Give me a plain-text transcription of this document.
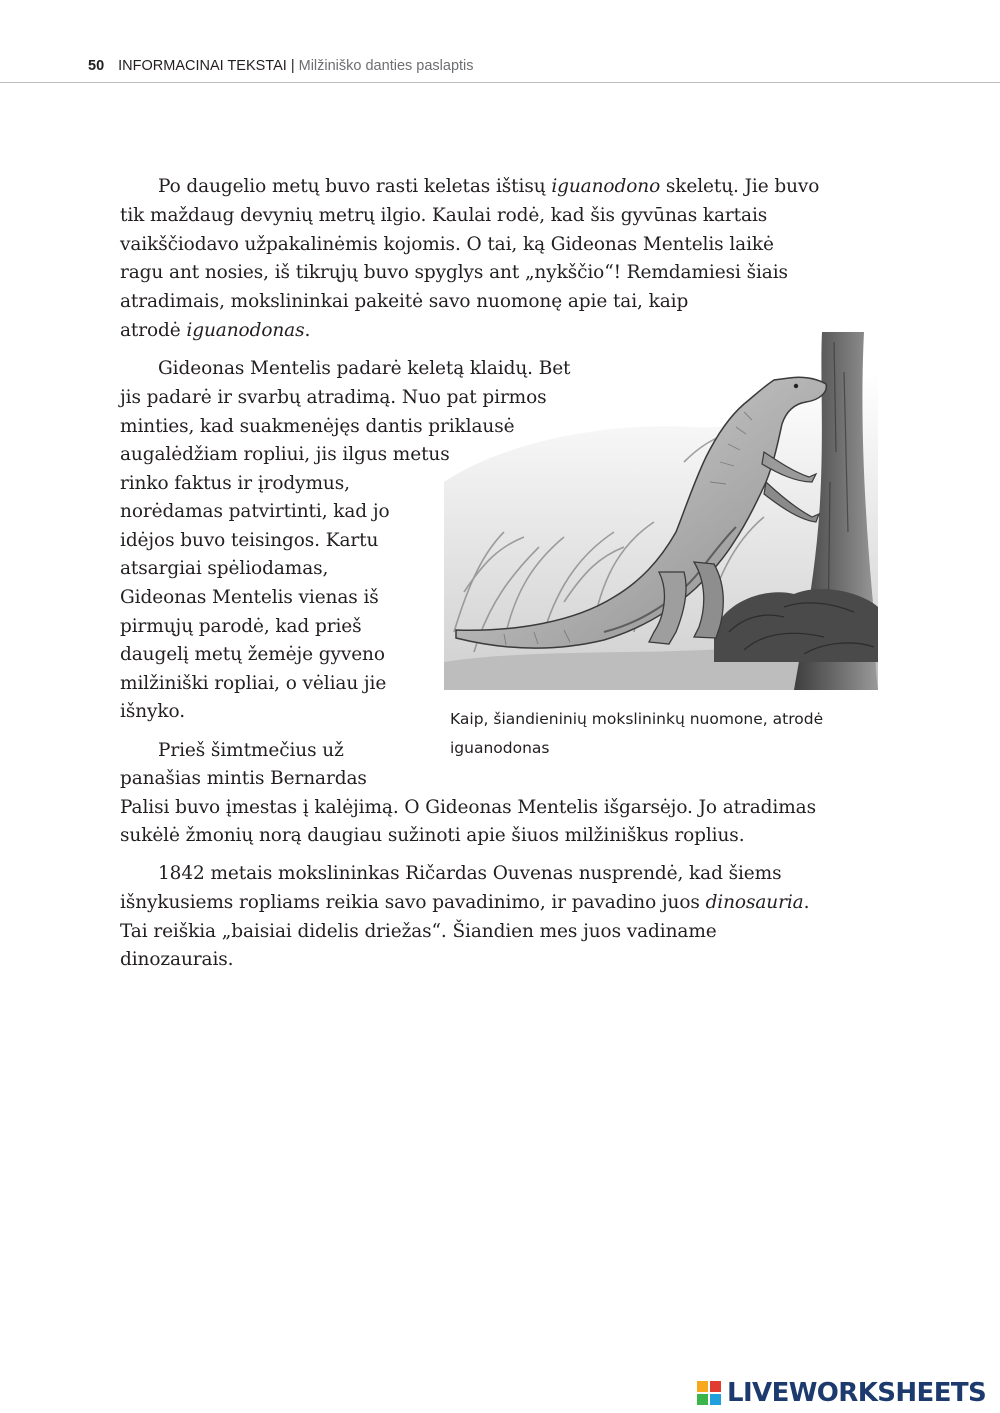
50 INFORMACINAI TEKSTAI | Milžiniško danties paslaptis
Po daugelio metų buvo rasti keletas ištisų iguanodono skeletų. Jie buvo
tik maždaug devynių metrų ilgio. Kaulai rodė, kad šis gyvūnas kartais
vaikščiodavo užpakalinėmis kojomis. O tai, ką Gideonas Mentelis laikė
ragu ant nosies, iš tikrųjų buvo spyglys ant „nykščio“! Remdamiesi šiais
atradimais, mokslininkai pakeitė savo nuomonę apie tai, kaip
atrodė iguanodonas.
Gideonas Mentelis padarė keletą klaidų. Bet
jis padarė ir svarbų atradimą. Nuo pat pirmos
minties, kad suakmenėjęs dantis priklausė
augalėdžiam ropliui, jis ilgus metus
rinko faktus ir įrodymus,
norėdamas patvirtinti, kad jo
idėjos buvo teisingos. Kartu
atsargiai spėliodamas,
Gideonas Mentelis vienas iš
pirmųjų parodė, kad prieš
daugelį metų žemėje gyveno
milžiniški ropliai, o vėliau jie
išnyko.
Prieš šimtmečius už
panašias mintis Bernardas
Palisi buvo įmestas į kalėjimą. O Gideonas Mentelis išgarsėjo. Jo atradimas
sukėlė žmonių norą daugiau sužinoti apie šiuos milžiniškus roplius.
1842 metais mokslininkas Ričardas Ouvenas nusprendė, kad šiems
išnykusiems ropliams reikia savo pavadinimo, ir pavadino juos dinosauria.
Tai reiškia „baisiai didelis driežas“. Šiandien mes juos vadiname
dinozaurais.
Kaip, šiandieninių mokslininkų nuomone, atrodė
iguanodonas
LIVEWORKSHEETS
